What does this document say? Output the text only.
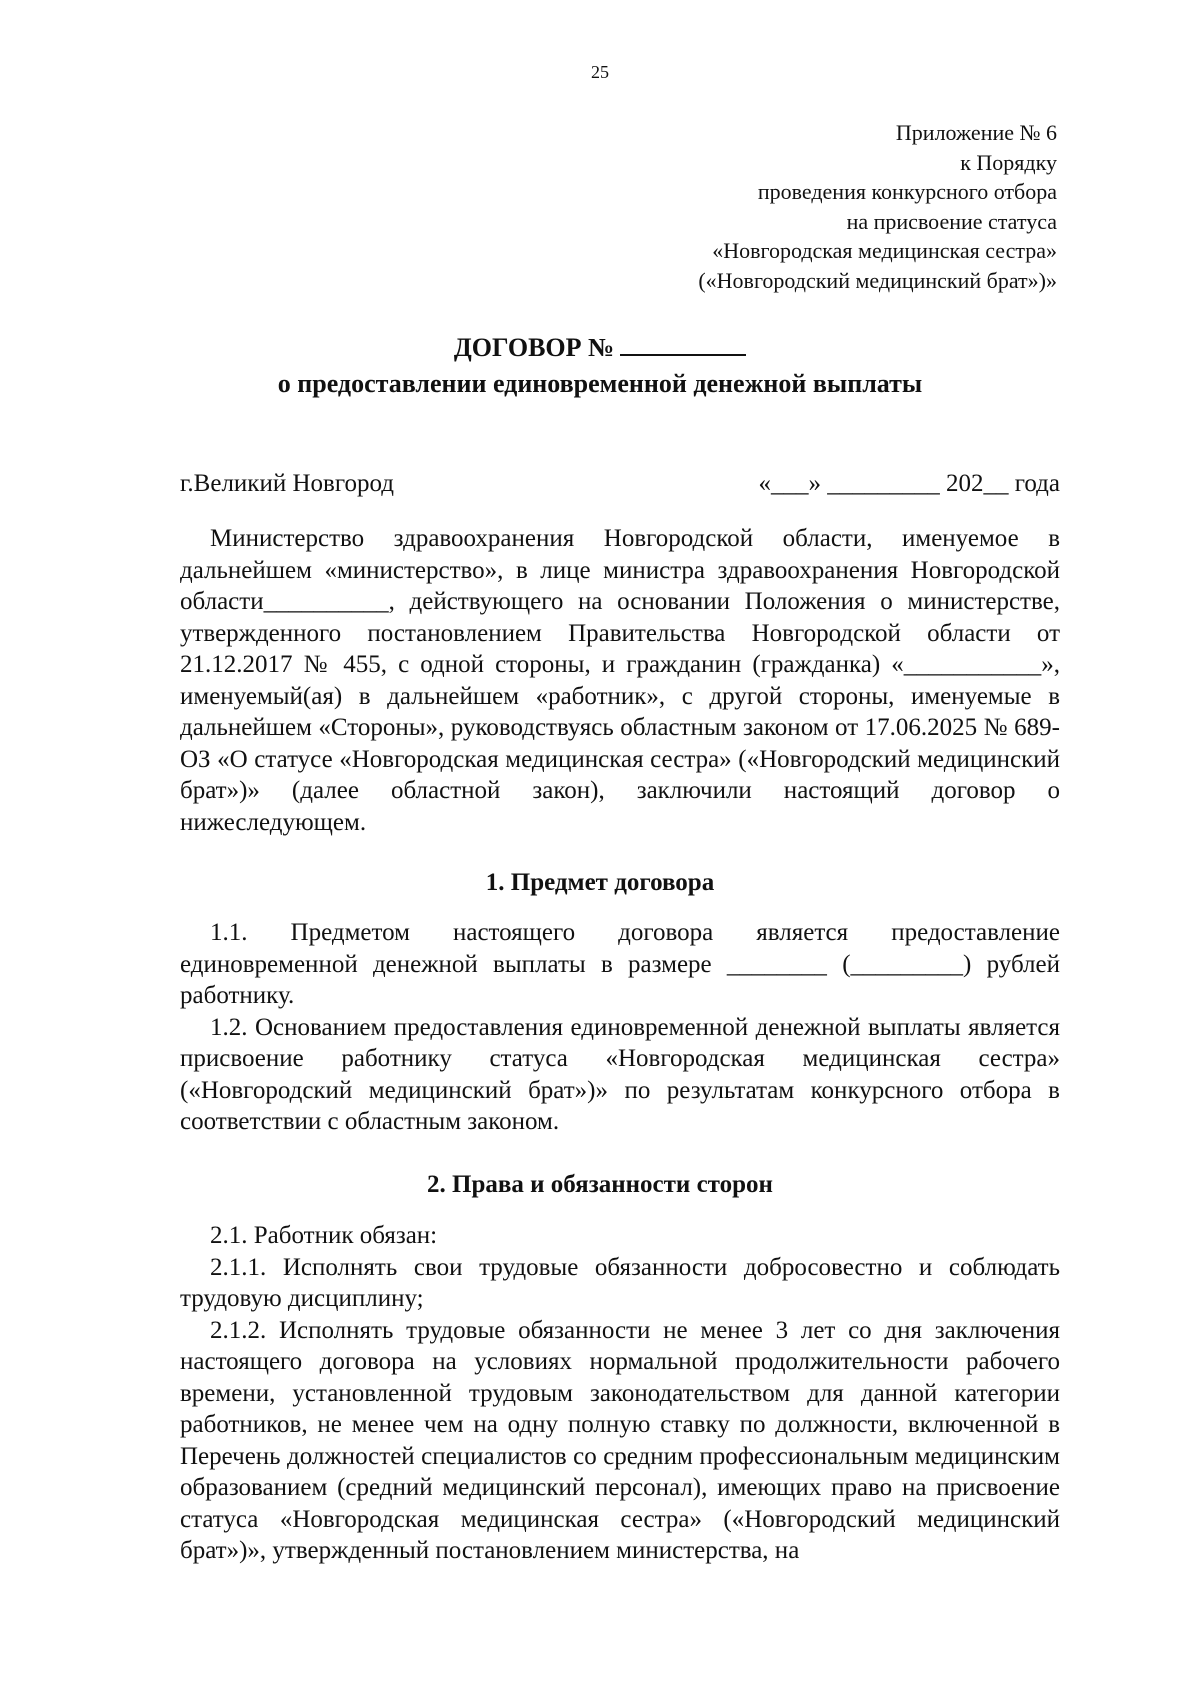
25
Приложение № 6
к Порядку
проведения конкурсного отбора
на присвоение статуса
«Новгородская медицинская сестра»
(«Новгородский медицинский брат»)»
ДОГОВОР №
о предоставлении единовременной денежной выплаты
г.Великий Новгород	«___» _________ 202__ года

Министерство здравоохранения Новгородской области, именуемое в дальнейшем «министерство», в лице министра здравоохранения Новгородской области__________, действующего на основании Положения о министерстве, утвержденного постановлением Правительства Новгородской области от 21.12.2017 № 455, с одной стороны, и гражданин (гражданка) «___________», именуемый(ая) в дальнейшем «работник», с другой стороны, именуемые в дальнейшем «Стороны», руководствуясь областным законом от 17.06.2025 № 689-ОЗ «О статусе «Новгородская медицинская сестра» («Новгородский медицинский брат»)» (далее областной закон), заключили настоящий договор о нижеследующем.

1. Предмет договора

1.1. Предметом настоящего договора является предоставление единовременной денежной выплаты в размере ________ (_________) рублей работнику.

1.2. Основанием предоставления единовременной денежной выплаты является присвоение работнику статуса «Новгородская медицинская сестра» («Новгородский медицинский брат»)» по результатам конкурсного отбора в соответствии с областным законом.

2. Права и обязанности сторон

2.1. Работник обязан:

2.1.1. Исполнять свои трудовые обязанности добросовестно и соблюдать трудовую дисциплину;

2.1.2. Исполнять трудовые обязанности не менее 3 лет со дня заключения настоящего договора на условиях нормальной продолжительности рабочего времени, установленной трудовым законодательством для данной категории работников, не менее чем на одну полную ставку по должности, включенной в Перечень должностей специалистов со средним профессиональным медицинским образованием (средний медицинский персонал), имеющих право на присвоение статуса «Новгородская медицинская сестра» («Новгородский медицинский брат»)», утвержденный постановлением министерства, на
